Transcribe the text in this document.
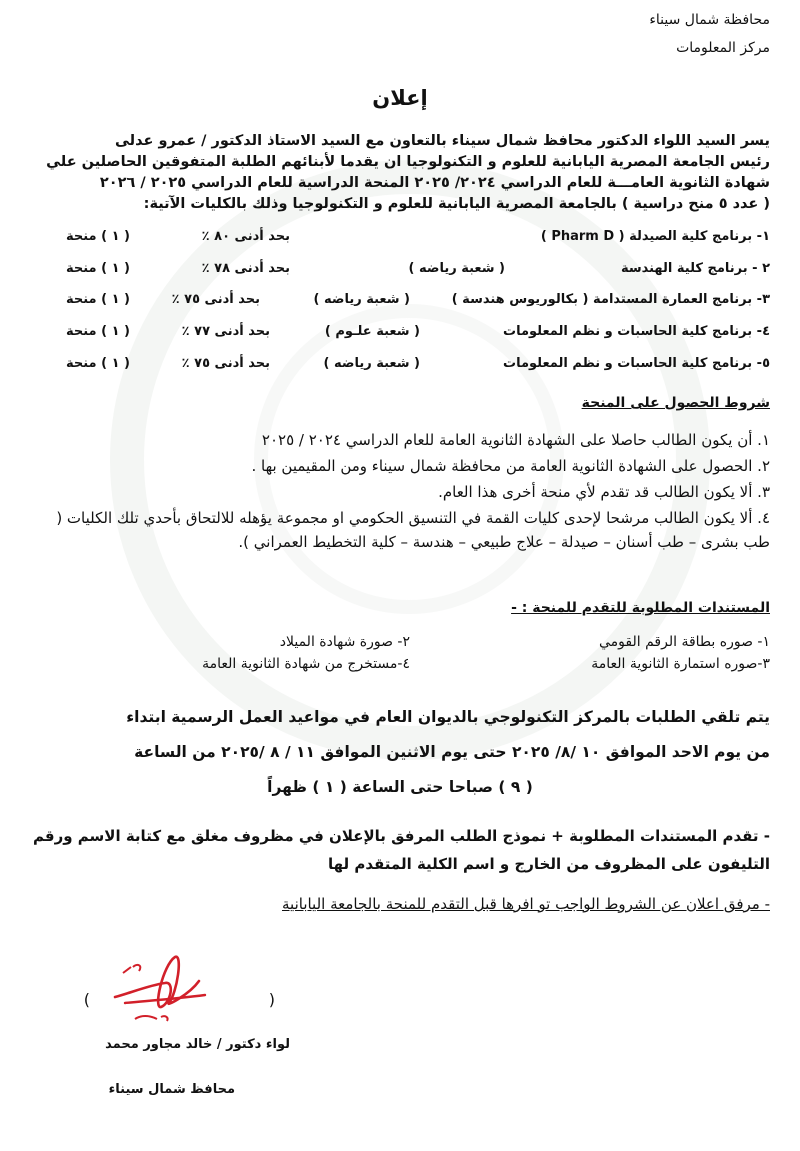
محافظة شمال سيناء
مركز المعلومات
إعلان
يسر السيد اللواء الدكتور محافظ شمال سيناء بالتعاون مع السيد الاستاذ الدكتور / عمرو عدلى
رئيس الجامعة المصرية اليابانية للعلوم و التكنولوجيا ان يقدما لأبنائهم الطلبة المتفوقين الحاصلين علي
شهادة الثانوية العامـــة للعام الدراسي ٢٠٢٤/ ٢٠٢٥ المنحة الدراسية للعام الدراسي ٢٠٢٥ / ٢٠٢٦
( عدد ٥ منح دراسية ) بالجامعة المصرية اليابانية للعلوم و التكنولوجيا وذلك بالكليات الآتية:
١- برنامج كلية الصيدلة ( Pharm D )
بحد أدنى ٨٠ ٪
( ١ ) منحة
٢ - برنامج كلية الهندسة
( شعبة رياضه )
بحد أدنى ٧٨ ٪
( ١ ) منحة
٣- برنامج العمارة المستدامة ( بكالوريوس هندسة )
( شعبة رياضه )
بحد أدنى ٧٥ ٪
( ١ ) منحة
٤- برنامج كلية الحاسبات و نظم المعلومات
( شعبة علـوم )
بحد أدنى ٧٧ ٪
( ١ ) منحة
٥- برنامج كلية الحاسبات و نظم المعلومات
( شعبة رياضه )
بحد أدنى ٧٥ ٪
( ١ ) منحة
شروط الحصول على المنحة
١. أن يكون الطالب حاصلا على الشهادة الثانوية العامة للعام الدراسي ٢٠٢٤ / ٢٠٢٥
٢. الحصول على الشهادة الثانوية العامة من محافظة شمال سيناء ومن المقيمين بها .
٣. ألا يكون الطالب قد تقدم لأي منحة أخرى هذا العام.
٤. ألا يكون الطالب مرشحا لإحدى كليات القمة في التنسيق الحكومي او مجموعة يؤهله للالتحاق بأحدي تلك الكليات ( طب بشرى – طب أسنان – صيدلة – علاج طبيعي – هندسة – كلية التخطيط العمراني ).
المستندات المطلوبة للتقدم للمنحة : -
١- صوره بطاقة الرقم القومي
٢- صورة شهادة الميلاد
٣-صوره استمارة الثانوية العامة
٤-مستخرج من شهادة الثانوية العامة
يتم تلقي الطلبات بالمركز التكنولوجي بالديوان العام في مواعيد العمل الرسمية ابتداء
من يوم الاحد الموافق ١٠ /٨/ ٢٠٢٥ حتى يوم الاثنين الموافق ١١ / ٨ /٢٠٢٥ من الساعة
( ٩ ) صباحا حتى الساعة ( ١ ) ظهراً
- تقدم المستندات المطلوبة + نموذج الطلب المرفق بالإعلان في مظروف مغلق مع كتابة الاسم ورقم التليفون على المظروف من الخارج و اسم الكلية المتقدم لها
- مرفق اعلان عن الشروط الواجب تو افرها قبل التقدم للمنحة بالجامعة اليابانية
(
)
لواء دكتور / خالد مجاور محمد
محافظ شمال سيناء
